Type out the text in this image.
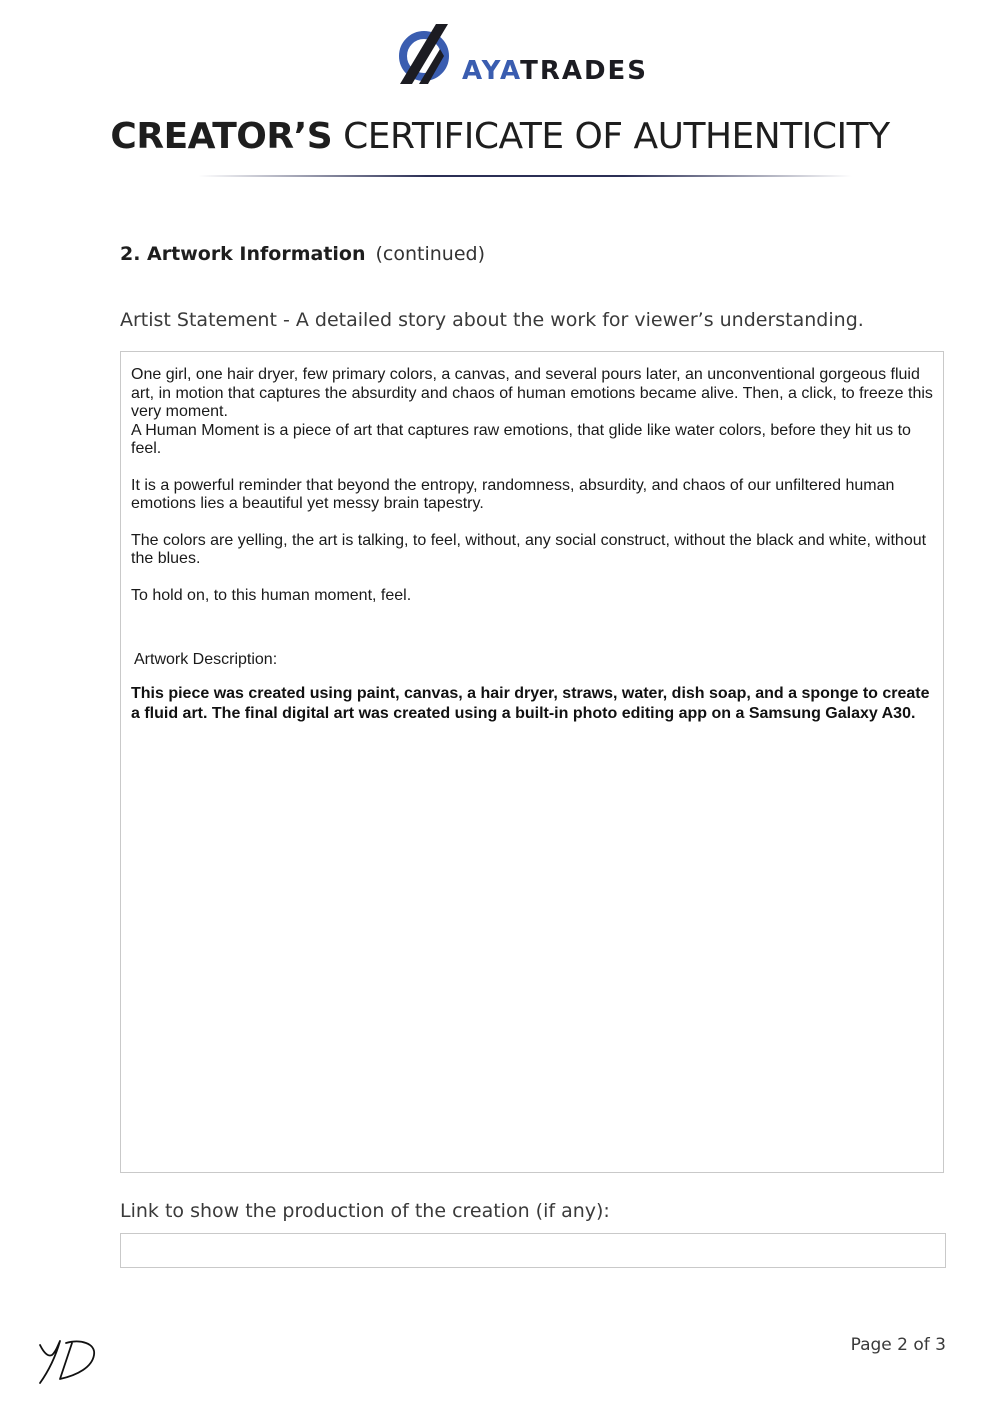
AYATRADES
CREATOR’S CERTIFICATE OF AUTHENTICITY
2. Artwork Information (continued)
Artist Statement - A detailed story about the work for viewer’s understanding.

One girl, one hair dryer, few primary colors, a canvas, and several pours later, an unconventional gorgeous fluid art, in motion that captures the absurdity and chaos of human emotions became alive. Then, a click, to freeze this very moment.

A Human Moment is a piece of art that captures raw emotions, that glide like water colors, before they hit us to feel.

It is a powerful reminder that beyond the entropy, randomness, absurdity, and chaos of our unfiltered human emotions lies a beautiful yet messy brain tapestry.

The colors are yelling, the art is talking, to feel, without, any social construct, without the black and white, without the blues.

To hold on, to this human moment, feel.

Artwork Description:

This piece was created using paint, canvas, a hair dryer, straws, water, dish soap, and a sponge to create a fluid art. The final digital art was created using a built-in photo editing app on a Samsung Galaxy A30.

Link to show the production of the creation (if any):
Page 2 of 3
